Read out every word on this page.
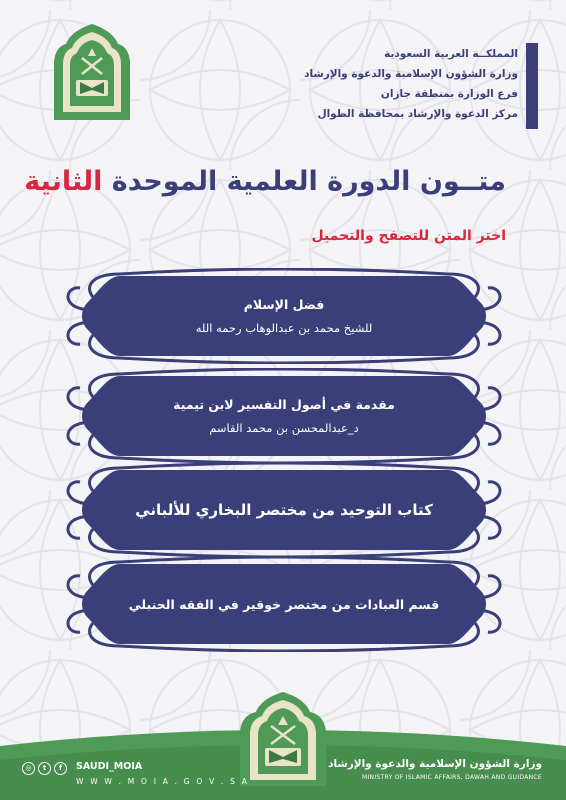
المملكــة العربية السعودية
وزارة الشؤون الإسلامية والدعوة والإرشاد
فرع الوزارة بمنطقة جازان
مركز الدعوة والإرشاد بمحافظة الطوال
متــون الدورة العلمية الموحدة الثانية
اختر المتن للتصفح والتحميل
فضل الإسلام
للشيخ محمد بن عبدالوهاب رحمه الله
مقدمة في أصول التفسير لابن تيمية
د_عبدالمحسن بن محمد القاسم
كتاب التوحيد من مختصر البخاري للألباني
قسم العبادات من مختصر خوقير في الفقه الحنبلي
◎	t	f	SAUDI_MOIA
W W W . M O I A . G O V . S A
وزارة الشؤون الإسلامية والدعوة والإرشاد
MINISTRY OF ISLAMIC AFFAIRS, DAWAH AND GUIDANCE
